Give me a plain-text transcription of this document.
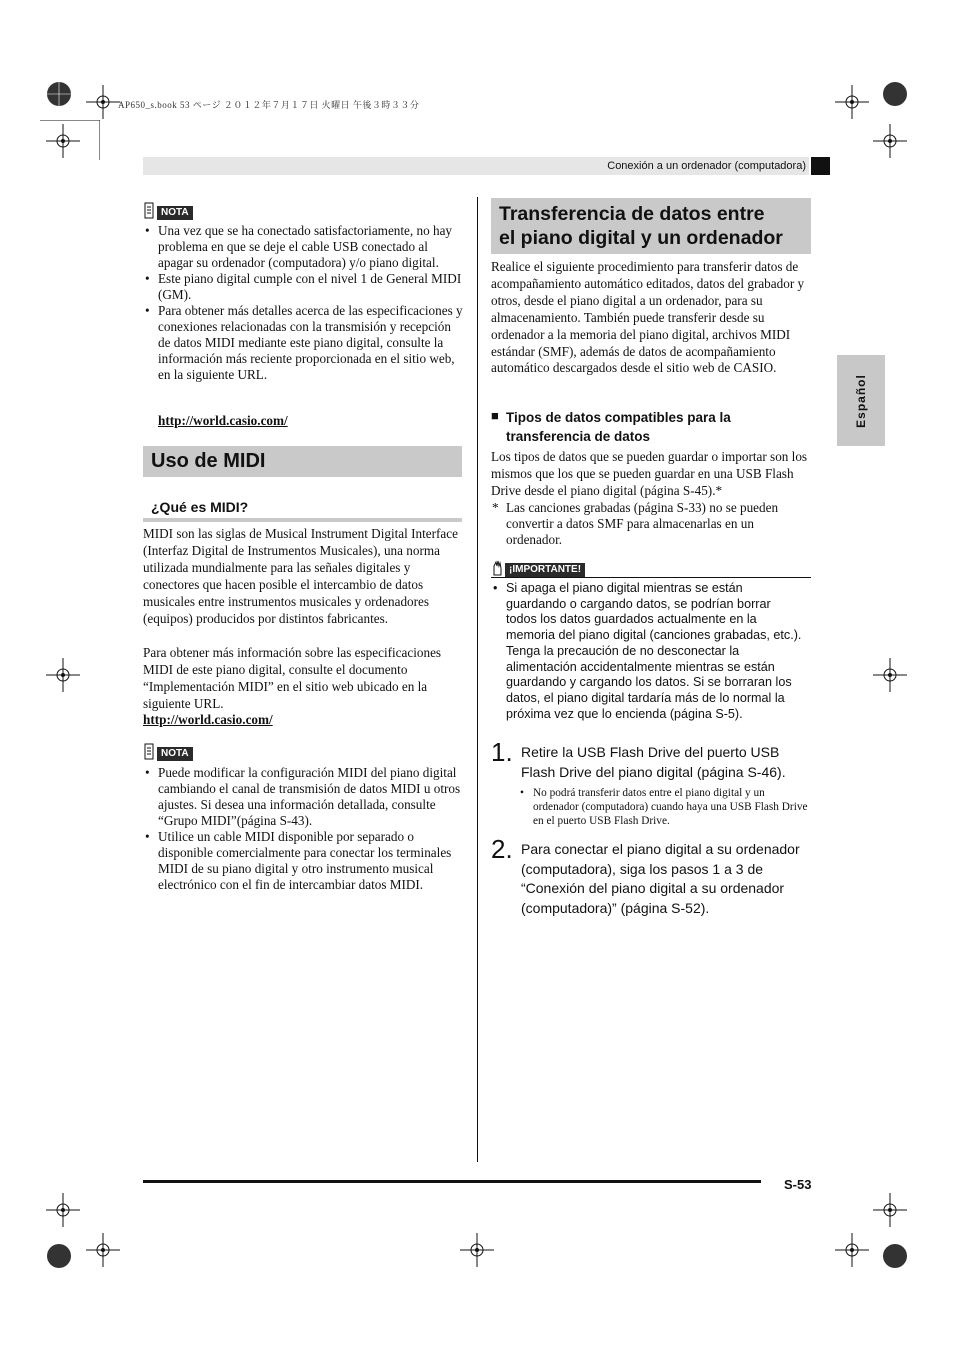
AP650_s.book 53 ページ ２０１２年７月１７日 火曜日 午後３時３３分
Conexión a un ordenador (computadora)
Español
NOTA
• Una vez que se ha conectado satisfactoriamente, no hay problema en que se deje el cable USB conectado al apagar su ordenador (computadora) y/o piano digital.
• Este piano digital cumple con el nivel 1 de General MIDI (GM).
• Para obtener más detalles acerca de las especificaciones y conexiones relacionadas con la transmisión y recepción de datos MIDI mediante este piano digital, consulte la información más reciente proporcionada en el sitio web, en la siguiente URL.
http://world.casio.com/
Uso de MIDI
¿Qué es MIDI?
MIDI son las siglas de Musical Instrument Digital Interface (Interfaz Digital de Instrumentos Musicales), una norma utilizada mundialmente para las señales digitales y conectores que hacen posible el intercambio de datos musicales entre instrumentos musicales y ordenadores (equipos) producidos por distintos fabricantes.
Para obtener más información sobre las especificaciones MIDI de este piano digital, consulte el documento “Implementación MIDI” en el sitio web ubicado en la siguiente URL.
http://world.casio.com/
NOTA
• Puede modificar la configuración MIDI del piano digital cambiando el canal de transmisión de datos MIDI u otros ajustes. Si desea una información detallada, consulte “Grupo MIDI”(página S-43).
• Utilice un cable MIDI disponible por separado o disponible comercialmente para conectar los terminales MIDI de su piano digital y otro instrumento musical electrónico con el fin de intercambiar datos MIDI.
Transferencia de datos entre
el piano digital y un ordenador
Realice el siguiente procedimiento para transferir datos de acompañamiento automático editados, datos del grabador y otros, desde el piano digital a un ordenador, para su almacenamiento. También puede transferir desde su ordenador a la memoria del piano digital, archivos MIDI estándar (SMF), además de datos de acompañamiento automático descargados desde el sitio web de CASIO.
■ Tipos de datos compatibles para la
transferencia de datos
Los tipos de datos que se pueden guardar o importar son los mismos que los que se pueden guardar en una USB Flash Drive desde el piano digital (página S-45).*
* Las canciones grabadas (página S-33) no se pueden convertir a datos SMF para almacenarlas en un ordenador.
¡IMPORTANTE!
• Si apaga el piano digital mientras se están guardando o cargando datos, se podrían borrar todos los datos guardados actualmente en la memoria del piano digital (canciones grabadas, etc.). Tenga la precaución de no desconectar la alimentación accidentalmente mientras se están guardando y cargando los datos. Si se borraran los datos, el piano digital tardaría más de lo normal la próxima vez que lo encienda (página S-5).
1. Retire la USB Flash Drive del puerto USB Flash Drive del piano digital (página S-46).
• No podrá transferir datos entre el piano digital y un ordenador (computadora) cuando haya una USB Flash Drive en el puerto USB Flash Drive.
2. Para conectar el piano digital a su ordenador (computadora), siga los pasos 1 a 3 de “Conexión del piano digital a su ordenador (computadora)” (página S-52).
S-53
